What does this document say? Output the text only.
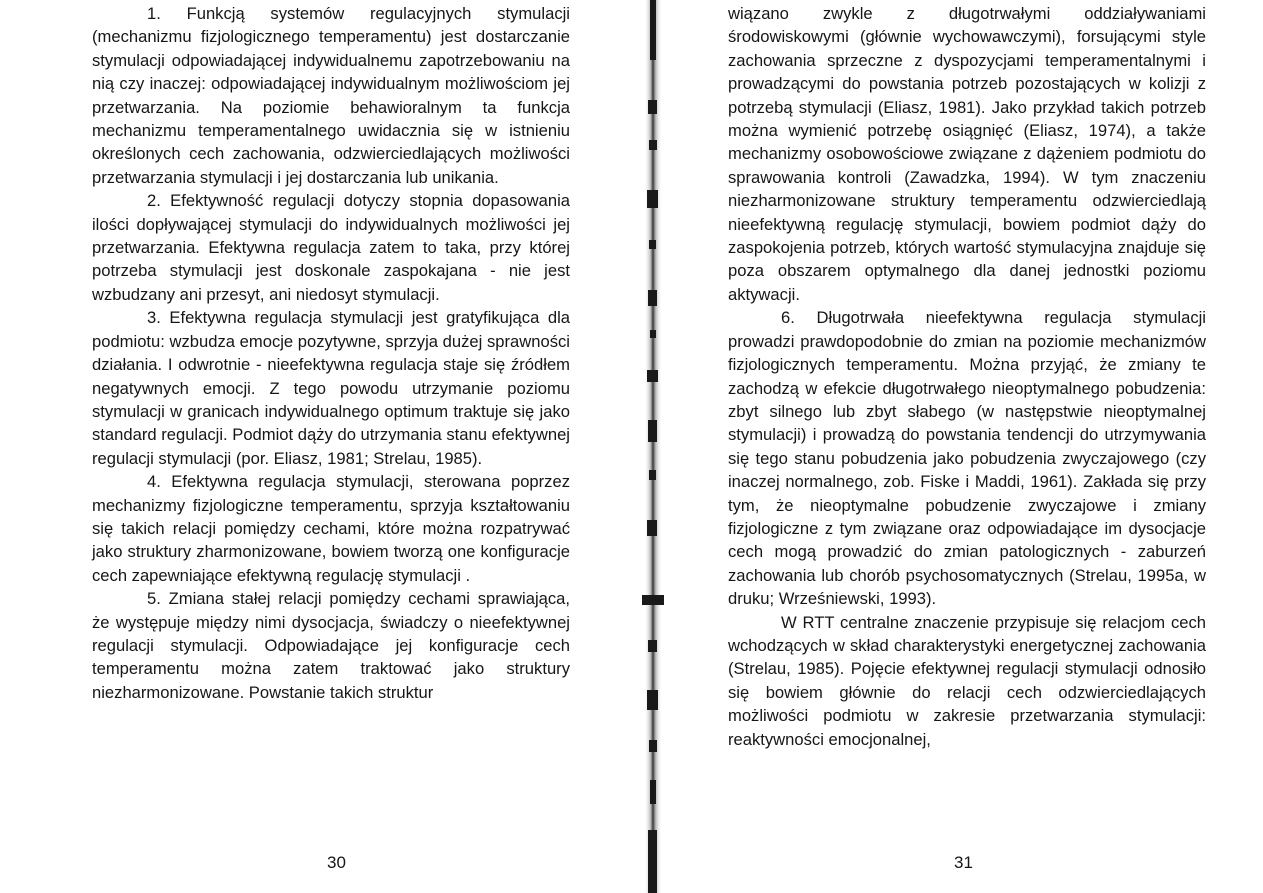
1. Funkcją systemów regulacyjnych stymulacji (mechanizmu fizjologicznego temperamentu) jest dostarczanie stymulacji odpowiadającej indywidualnemu zapotrzebowaniu na nią czy inaczej: odpowiadającej indywidualnym możliwościom jej przetwarzania. Na poziomie behawioralnym ta funkcja mechanizmu temperamentalnego uwidacznia się w istnieniu określonych cech zachowania, odzwierciedlających możliwości przetwarzania stymulacji i jej dostarczania lub unikania.

2. Efektywność regulacji dotyczy stopnia dopasowania ilości dopływającej stymulacji do indywidualnych możliwości jej przetwarzania. Efektywna regulacja zatem to taka, przy której potrzeba stymulacji jest doskonale zaspokajana - nie jest wzbudzany ani przesyt, ani niedosyt stymulacji.

3. Efektywna regulacja stymulacji jest gratyfikująca dla podmiotu: wzbudza emocje pozytywne, sprzyja dużej sprawności działania. I odwrotnie - nieefektywna regulacja staje się źródłem negatywnych emocji. Z tego powodu utrzymanie poziomu stymulacji w granicach indywidualnego optimum traktuje się jako standard regulacji. Podmiot dąży do utrzymania stanu efektywnej regulacji stymulacji (por. Eliasz, 1981; Strelau, 1985).

4. Efektywna regulacja stymulacji, sterowana poprzez mechanizmy fizjologiczne temperamentu, sprzyja kształtowaniu się takich relacji pomiędzy cechami, które można rozpatrywać jako struktury zharmonizowane, bowiem tworzą one konfiguracje cech zapewniające efektywną regulację stymulacji .

5. Zmiana stałej relacji pomiędzy cechami sprawiająca, że występuje między nimi dysocjacja, świadczy o nieefektywnej regulacji stymulacji. Odpowiadające jej konfiguracje cech temperamentu można zatem traktować jako struktury niezharmonizowane. Powstanie takich struktur

30

wiązano zwykle z długotrwałymi oddziaływaniami środowiskowymi (głównie wychowawczymi), forsującymi style zachowania sprzeczne z dyspozycjami temperamentalnymi i prowadzącymi do powstania potrzeb pozostających w kolizji z potrzebą stymulacji (Eliasz, 1981). Jako przykład takich potrzeb można wymienić potrzebę osiągnięć (Eliasz, 1974), a także mechanizmy osobowościowe związane z dążeniem podmiotu do sprawowania kontroli (Zawadzka, 1994). W tym znaczeniu niezharmonizowane struktury temperamentu odzwierciedlają nieefektywną regulację stymulacji, bowiem podmiot dąży do zaspokojenia potrzeb, których wartość stymulacyjna znajduje się poza obszarem optymalnego dla danej jednostki poziomu aktywacji.

6. Długotrwała nieefektywna regulacja stymulacji prowadzi prawdopodobnie do zmian na poziomie mechanizmów fizjologicznych temperamentu. Można przyjąć, że zmiany te zachodzą w efekcie długotrwałego nieoptymalnego pobudzenia: zbyt silnego lub zbyt słabego (w następstwie nieoptymalnej stymulacji) i prowadzą do powstania tendencji do utrzymywania się tego stanu pobudzenia jako pobudzenia zwyczajowego (czy inaczej normalnego, zob. Fiske i Maddi, 1961). Zakłada się przy tym, że nieoptymalne pobudzenie zwyczajowe i zmiany fizjologiczne z tym związane oraz odpowiadające im dysocjacje cech mogą prowadzić do zmian patologicznych - zaburzeń zachowania lub chorób psychosomatycznych (Strelau, 1995a, w druku; Wrześniewski, 1993).

W RTT centralne znaczenie przypisuje się relacjom cech wchodzących w skład charakterystyki energetycznej zachowania (Strelau, 1985). Pojęcie efektywnej regulacji stymulacji odnosiło się bowiem głównie do relacji cech odzwierciedlających możliwości podmiotu w zakresie przetwarzania stymulacji: reaktywności emocjonalnej,

31
